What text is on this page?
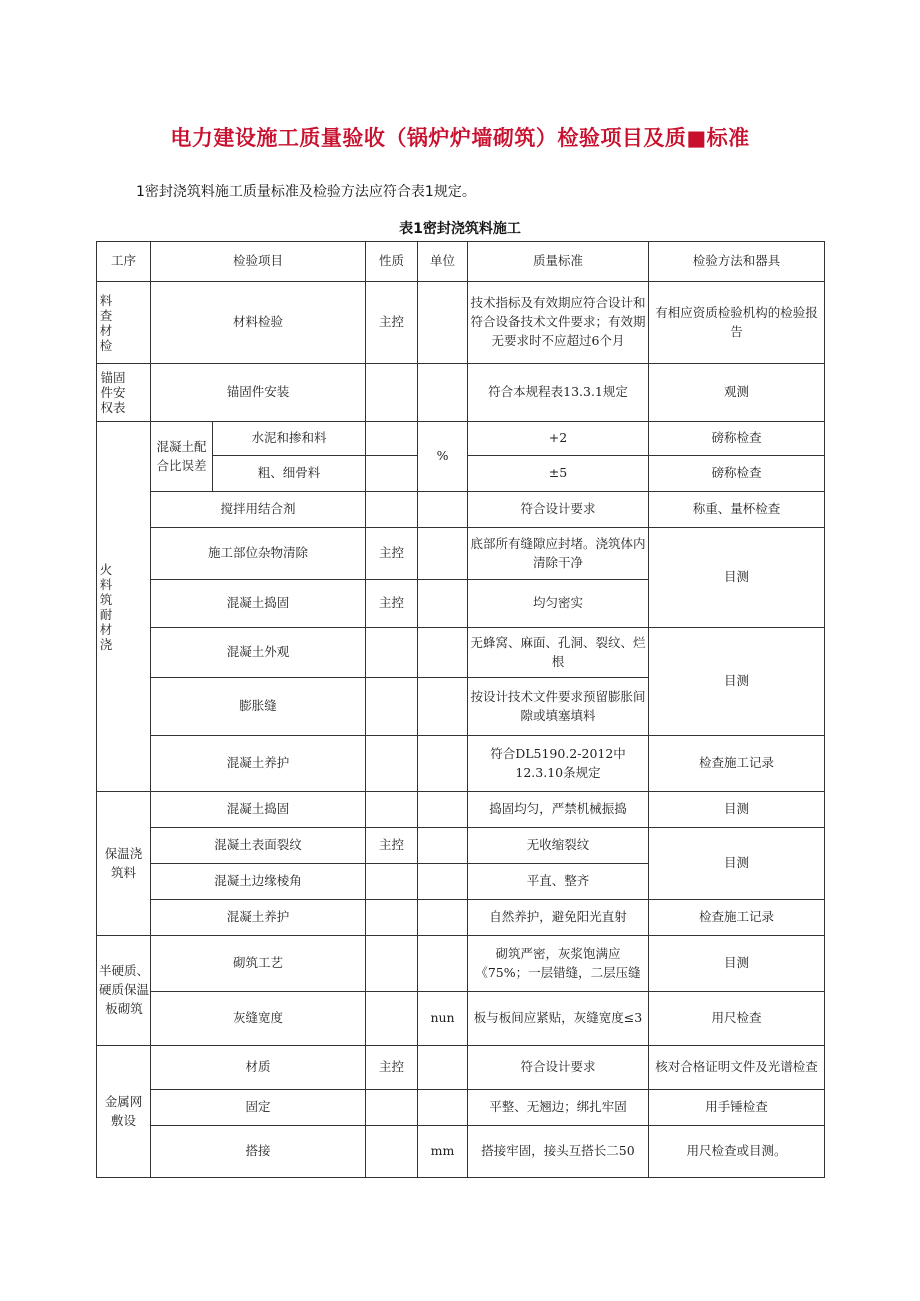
电力建设施工质量验收（锅炉炉墙砌筑）检验项目及质■标准
1密封浇筑料施工质量标准及检验方法应符合表1规定。
表1密封浇筑料施工
工序	检验项目		性质	单位	质量标准	检验方法和器具

料查材检	材料检验		主控		技术指标及有效期应符合设计和符合设备技术文件要求；有效期无要求时不应超过6个月	有相应资质检验机构的检验报告

锚固件安权表	锚固件安装				符合本规程表13.3.1规定	观测

火料筑耐材浇	混凝土配合比误差	水泥和掺和料		%	+2	磅称检查
		粗、细骨料			±5	磅称检查
	搅拌用结合剂				符合设计要求	称重、量杯检查
	施工部位杂物清除		主控		底部所有缝隙应封堵。浇筑体内清除干净	目测
	混凝土捣固		主控		均匀密实	
	混凝土外观				无蜂窝、麻面、孔洞、裂纹、烂根	目测
	膨胀缝				按设计技术文件要求预留膨胀间隙或填塞填料	
	混凝土养护				符合DL5190.2-2012中12.3.10条规定	检查施工记录
保温浇筑料	混凝土捣固				捣固均匀，严禁机械振捣	目测
	混凝土表面裂纹		主控		无收缩裂纹	目测
	混凝土边缘棱角				平直、整齐	
	混凝土养护				自然养护，避免阳光直射	检查施工记录

半硬质、硬质保温板砌筑	砌筑工艺				砌筑严密，灰浆饱满应《75%；一层错缝，二层压缝	目测
	灰缝宽度			nun	板与板间应紧贴，灰缝宽度≤3	用尺检查

金属网敷设	材质		主控		符合设计要求	核对合格证明文件及光谱检查
	固定				平整、无翘边；绑扎牢固	用手锤检查
	搭接			mm	搭接牢固，接头互搭长二50	用尺检查或目测。
